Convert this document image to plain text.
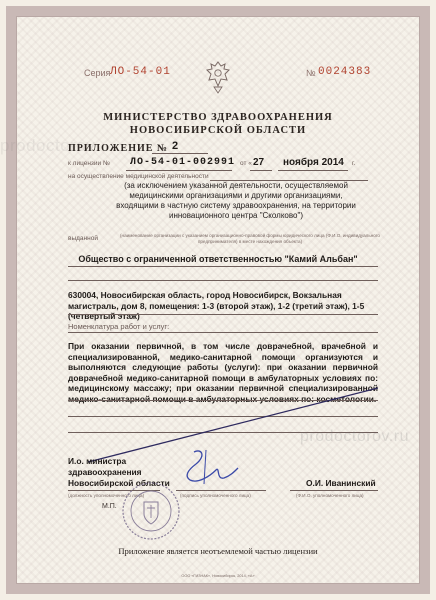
Серия ЛО-54-01	№ 0024383
МИНИСТЕРСТВО ЗДРАВООХРАНЕНИЯ
НОВОСИБИРСКОЙ ОБЛАСТИ
ПРИЛОЖЕНИЕ № 2
к лицензии № ЛО-54-01-002991 от « 27 ноября 2014 г.
на осуществление медицинской деятельности
(за исключением указанной деятельности, осуществляемой медицинскими организациями и другими организациями, входящими в частную систему здравоохранения, на территории инновационного центра "Сколково")
выданной	(наименование организации с указанием организационно-правовой формы юридического лица (Ф.И.О. индивидуального предпринимателя) в месте нахождения объекта)
Общество с ограниченной ответственностью "Камий Альбан"
630004, Новосибирская область, город Новосибирск, Вокзальная магистраль, дом 8, помещения: 1-3 (второй этаж), 1-2 (третий этаж), 1-5 (четвертый этаж)
Номенклатура работ и услуг:
При оказании первичной, в том числе доврачебной, врачебной и специализированной, медико-санитарной помощи организуются и выполняются следующие работы (услуги): при оказании первичной доврачебной медико-санитарной помощи в амбулаторных условиях по: медицинскому массажу; при оказании первичной специализированной медико-санитарной помощи в амбулаторных условиях по: косметологии.
prodoctorov
prodoctorov.ru
И.о. министра
здравоохранения
Новосибирской области
(должность уполномоченного лица)	(подпись уполномоченного лица)
О.И. Иванинский
(Ф.И.О. уполномоченного лица)
М.П.
Приложение является неотъемлемой частью лицензии
ООО «ГИЗНАК», Новосибирск, 2014, «А»
